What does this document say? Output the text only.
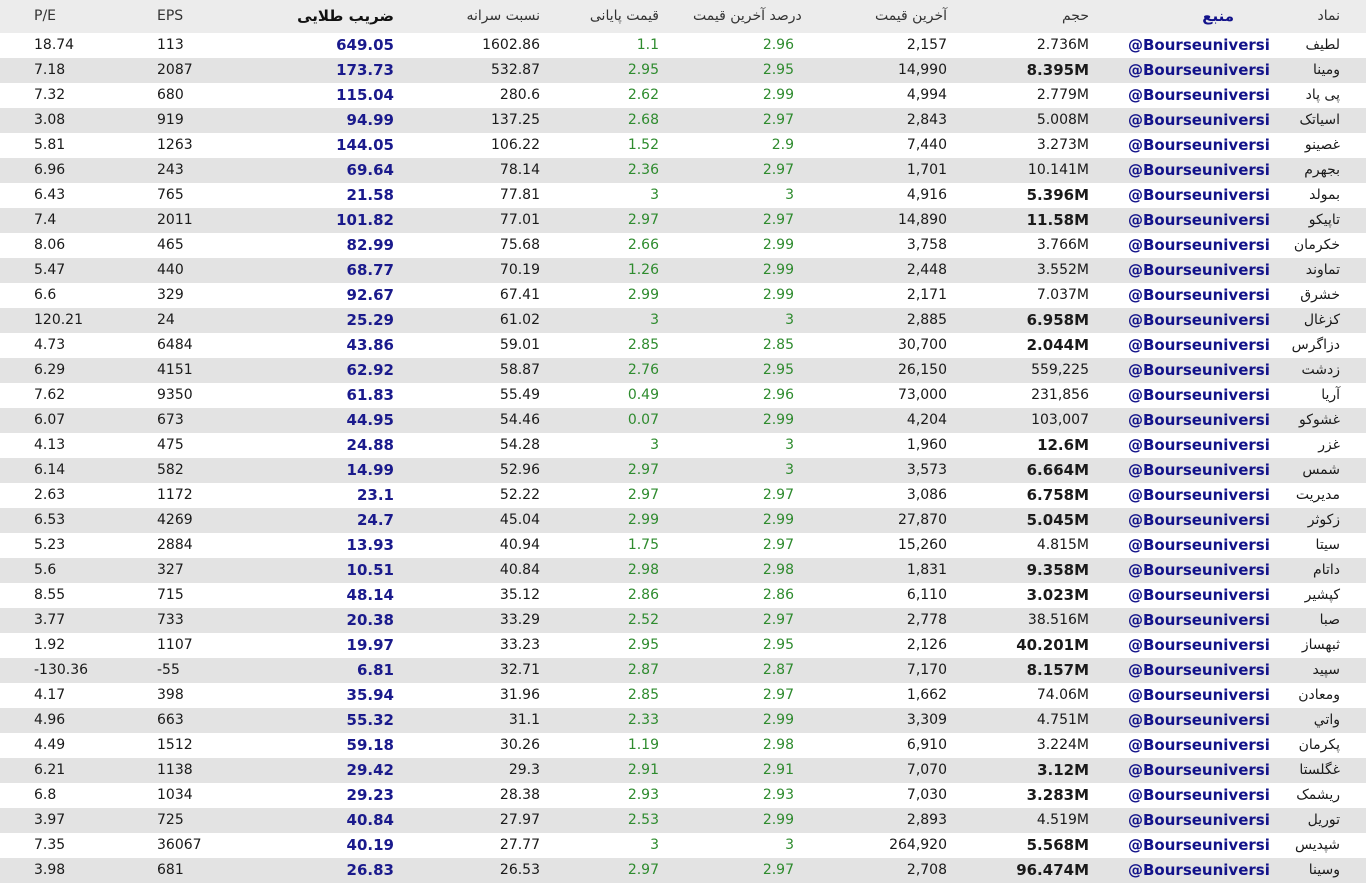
P/E	EPS	ضریب طلایی	نسبت سرانه	قیمت پایانی	درصد آخرین قیمت	آخرین قیمت	حجم	منبع	نماد
18.74	113	649.05	1602.86	1.1	2.96	2,157	2.736M	@Bourseuniversi	لطیف
7.18	2087	173.73	532.87	2.95	2.95	14,990	8.395M	@Bourseuniversi	ومینا
7.32	680	115.04	280.6	2.62	2.99	4,994	2.779M	@Bourseuniversi	پی پاد
3.08	919	94.99	137.25	2.68	2.97	2,843	5.008M	@Bourseuniversi	اسیاتک
5.81	1263	144.05	106.22	1.52	2.9	7,440	3.273M	@Bourseuniversi	غصینو
6.96	243	69.64	78.14	2.36	2.97	1,701	10.141M	@Bourseuniversi	بجهرم
6.43	765	21.58	77.81	3	3	4,916	5.396M	@Bourseuniversi	بمولد
7.4	2011	101.82	77.01	2.97	2.97	14,890	11.58M	@Bourseuniversi	تاپیکو
8.06	465	82.99	75.68	2.66	2.99	3,758	3.766M	@Bourseuniversi	خکرمان
5.47	440	68.77	70.19	1.26	2.99	2,448	3.552M	@Bourseuniversi	تماوند
6.6	329	92.67	67.41	2.99	2.99	2,171	7.037M	@Bourseuniversi	خشرق
120.21	24	25.29	61.02	3	3	2,885	6.958M	@Bourseuniversi	کزغال
4.73	6484	43.86	59.01	2.85	2.85	30,700	2.044M	@Bourseuniversi	دزاگرس
6.29	4151	62.92	58.87	2.76	2.95	26,150	559,225	@Bourseuniversi	زدشت
7.62	9350	61.83	55.49	0.49	2.96	73,000	231,856	@Bourseuniversi	آریا
6.07	673	44.95	54.46	0.07	2.99	4,204	103,007	@Bourseuniversi	غشوکو
4.13	475	24.88	54.28	3	3	1,960	12.6M	@Bourseuniversi	غزر
6.14	582	14.99	52.96	2.97	3	3,573	6.664M	@Bourseuniversi	شمس
2.63	1172	23.1	52.22	2.97	2.97	3,086	6.758M	@Bourseuniversi	مدیریت
6.53	4269	24.7	45.04	2.99	2.99	27,870	5.045M	@Bourseuniversi	زکوثر
5.23	2884	13.93	40.94	1.75	2.97	15,260	4.815M	@Bourseuniversi	سیتا
5.6	327	10.51	40.84	2.98	2.98	1,831	9.358M	@Bourseuniversi	داتام
8.55	715	48.14	35.12	2.86	2.86	6,110	3.023M	@Bourseuniversi	کپشیر
3.77	733	20.38	33.29	2.52	2.97	2,778	38.516M	@Bourseuniversi	صبا
1.92	1107	19.97	33.23	2.95	2.95	2,126	40.201M	@Bourseuniversi	ثبهساز
-130.36	-55	6.81	32.71	2.87	2.87	7,170	8.157M	@Bourseuniversi	سپید
4.17	398	35.94	31.96	2.85	2.97	1,662	74.06M	@Bourseuniversi	ومعادن
4.96	663	55.32	31.1	2.33	2.99	3,309	4.751M	@Bourseuniversi	واتي
4.49	1512	59.18	30.26	1.19	2.98	6,910	3.224M	@Bourseuniversi	پکرمان
6.21	1138	29.42	29.3	2.91	2.91	7,070	3.12M	@Bourseuniversi	غگلستا
6.8	1034	29.23	28.38	2.93	2.93	7,030	3.283M	@Bourseuniversi	ریشمک
3.97	725	40.84	27.97	2.53	2.99	2,893	4.519M	@Bourseuniversi	توریل
7.35	36067	40.19	27.77	3	3	264,920	5.568M	@Bourseuniversi	شپدیس
3.98	681	26.83	26.53	2.97	2.97	2,708	96.474M	@Bourseuniversi	وسینا
